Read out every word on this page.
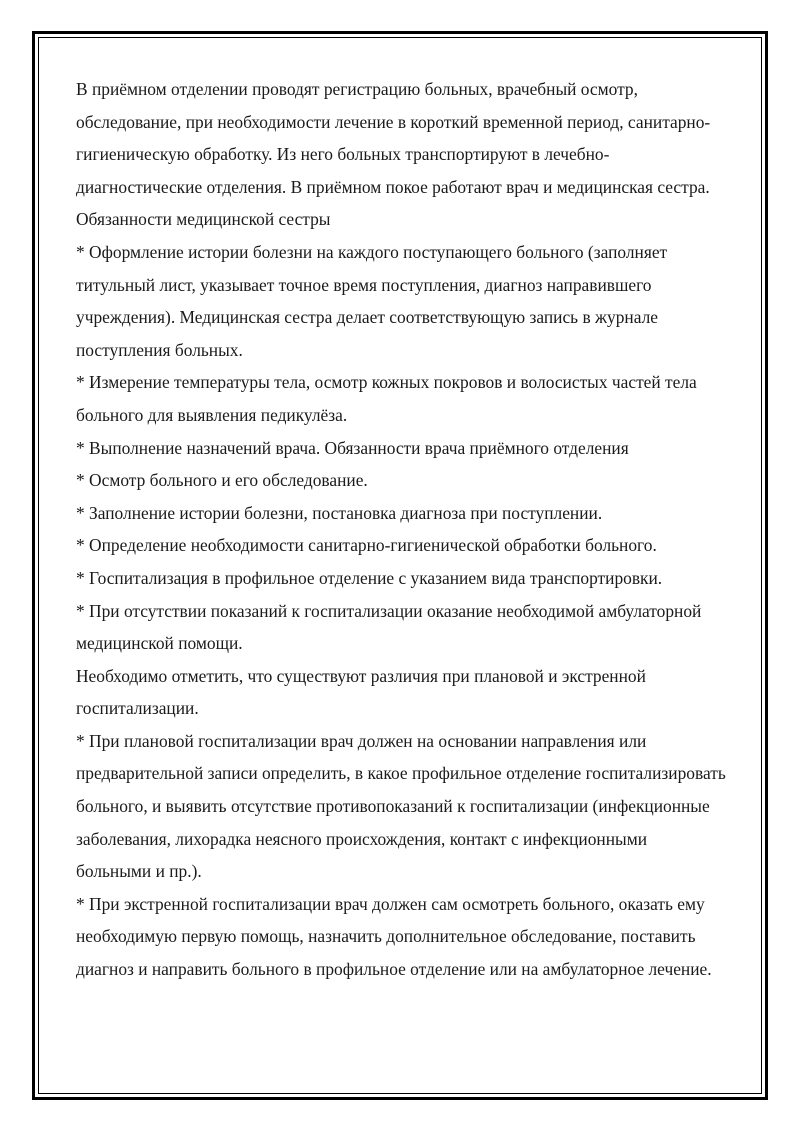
В приёмном отделении проводят регистрацию больных, врачебный осмотр, обследование, при необходимости лечение в короткий временной период, санитарно-гигиеническую обработку. Из него больных транспортируют в лечебно-диагностические отделения. В приёмном покое работают врач и медицинская сестра.

Обязанности медицинской сестры

* Оформление истории болезни на каждого поступающего больного (заполняет титульный лист, указывает точное время поступления, диагноз направившего учреждения). Медицинская сестра делает соответствующую запись в журнале поступления больных.

* Измерение температуры тела, осмотр кожных покровов и волосистых частей тела больного для выявления педикулёза.

* Выполнение назначений врача. Обязанности врача приёмного отделения

* Осмотр больного и его обследование.

* Заполнение истории болезни, постановка диагноза при поступлении.

* Определение необходимости санитарно-гигиенической обработки больного.

* Госпитализация в профильное отделение с указанием вида транспортировки.

* При отсутствии показаний к госпитализации оказание необходимой амбулаторной медицинской помощи.

Необходимо отметить, что существуют различия при плановой и экстренной госпитализации.

* При плановой госпитализации врач должен на основании направления или предварительной записи определить, в какое профильное отделение госпитализировать больного, и выявить отсутствие противопоказаний к госпитализации (инфекционные заболевания, лихорадка неясного происхождения, контакт с инфекционными больными и пр.).

* При экстренной госпитализации врач должен сам осмотреть больного, оказать ему необходимую первую помощь, назначить дополнительное обследование, поставить диагноз и направить больного в профильное отделение или на амбулаторное лечение.
